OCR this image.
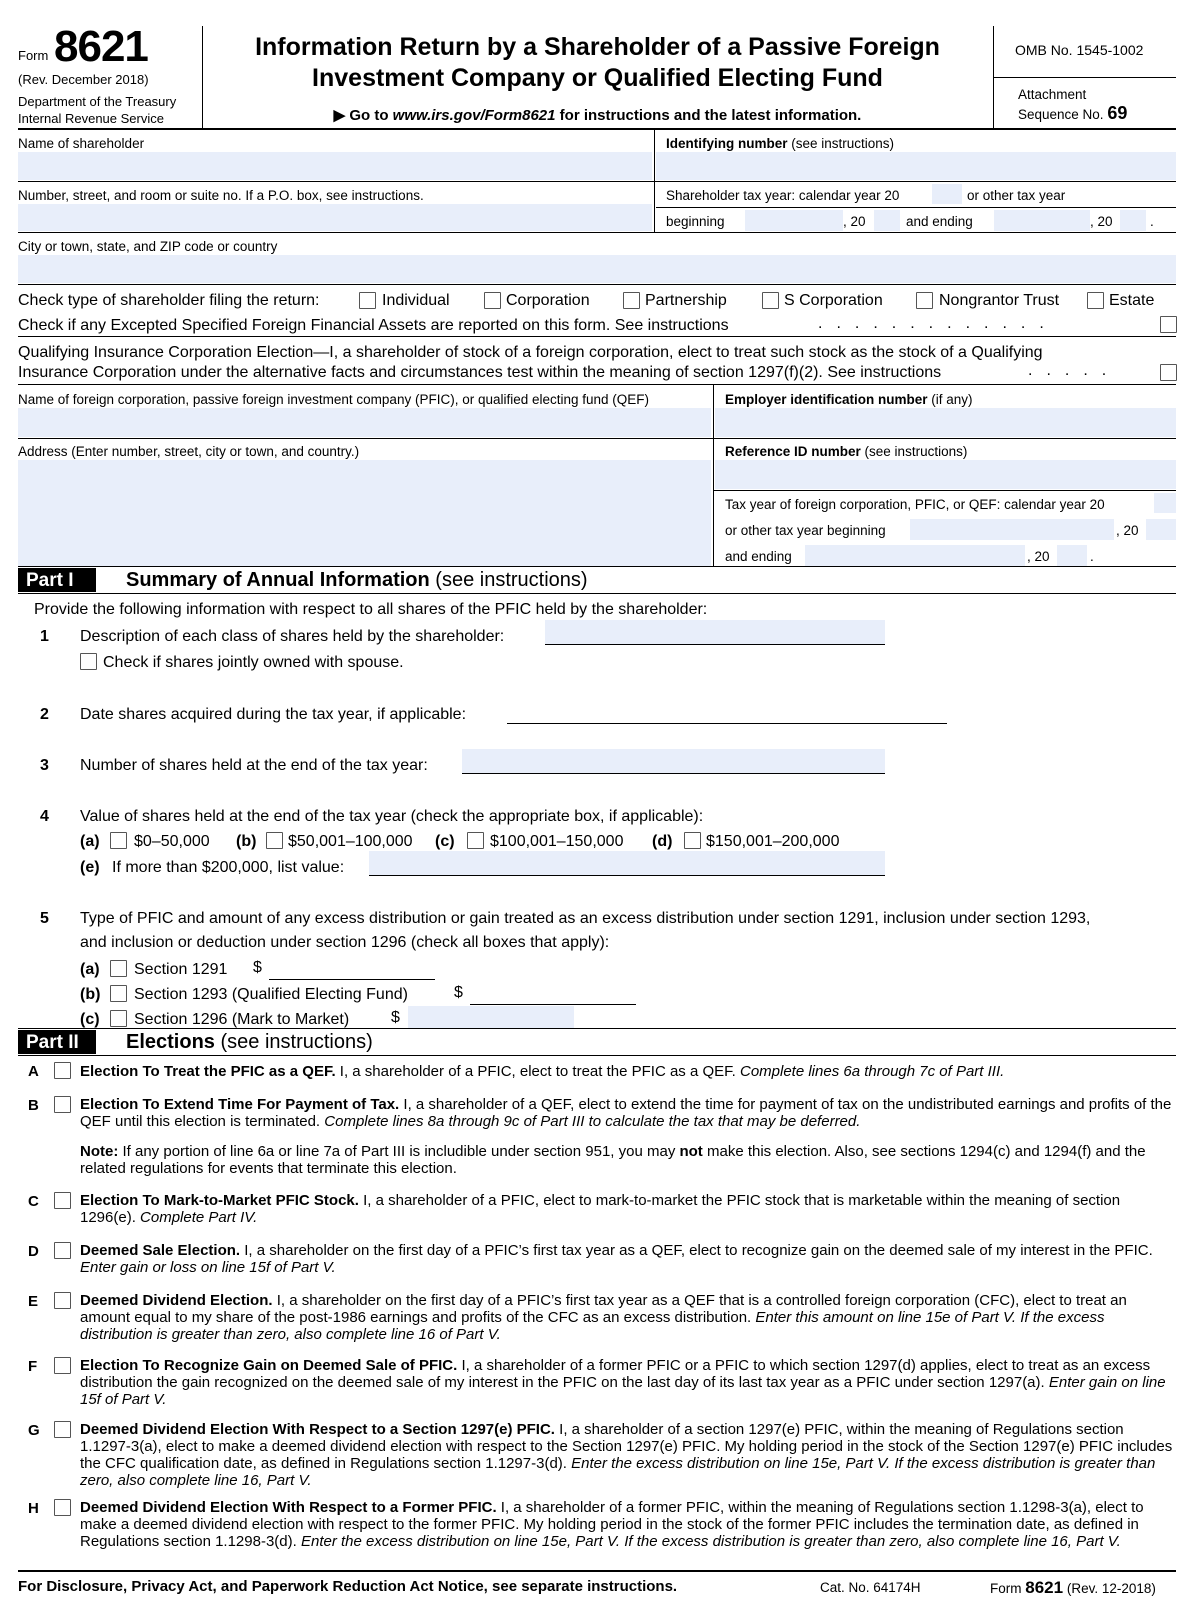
Form 8621
(Rev. December 2018)
Department of the Treasury
Internal Revenue Service
Information Return by a Shareholder of a Passive Foreign
Investment Company or Qualified Electing Fund
▶ Go to www.irs.gov/Form8621 for instructions and the latest information.
OMB No. 1545-1002
Attachment
Sequence No. 69
Name of shareholder	Identifying number (see instructions)
Number, street, and room or suite no. If a P.O. box, see instructions.	Shareholder tax year: calendar year 20	or other tax year
beginning	, 20	and ending	, 20	.
City or town, state, and ZIP code or country
Check type of shareholder filing the return:	Individual	Corporation	Partnership	S Corporation	Nongrantor Trust	Estate
Check if any Excepted Specified Foreign Financial Assets are reported on this form. See instructions	.............
Qualifying Insurance Corporation Election—I, a shareholder of stock of a foreign corporation, elect to treat such stock as the stock of a Qualifying
Insurance Corporation under the alternative facts and circumstances test within the meaning of section 1297(f)(2). See instructions	.....
Name of foreign corporation, passive foreign investment company (PFIC), or qualified electing fund (QEF)	Employer identification number (if any)
Address (Enter number, street, city or town, and country.)	Reference ID number (see instructions)
Tax year of foreign corporation, PFIC, or QEF: calendar year 20
or other tax year beginning	, 20
and ending	, 20	.
Part I	Summary of Annual Information (see instructions)
Provide the following information with respect to all shares of the PFIC held by the shareholder:
1 Description of each class of shares held by the shareholder:
Check if shares jointly owned with spouse.
2 Date shares acquired during the tax year, if applicable:
3 Number of shares held at the end of the tax year:
4 Value of shares held at the end of the tax year (check the appropriate box, if applicable):
(a) $0–50,000 (b) $50,001–100,000 (c) $100,001–150,000 (d) $150,001–200,000
(e) If more than $200,000, list value:
5 Type of PFIC and amount of any excess distribution or gain treated as an excess distribution under section 1291, inclusion under section 1293,
and inclusion or deduction under section 1296 (check all boxes that apply):
(a) Section 1291 $
(b) Section 1293 (Qualified Electing Fund)	$
(c) Section 1296 (Mark to Market)	$
Part II	Elections (see instructions)
A	Election To Treat the PFIC as a QEF. I, a shareholder of a PFIC, elect to treat the PFIC as a QEF. Complete lines 6a through 7c of Part III.
B	Election To Extend Time For Payment of Tax. I, a shareholder of a QEF, elect to extend the time for payment of tax on the undistributed earnings and profits of the QEF until this election is terminated. Complete lines 8a through 9c of Part III to calculate the tax that may be deferred.
Note: If any portion of line 6a or line 7a of Part III is includible under section 951, you may not make this election. Also, see sections 1294(c) and 1294(f) and the related regulations for events that terminate this election.
C	Election To Mark-to-Market PFIC Stock. I, a shareholder of a PFIC, elect to mark-to-market the PFIC stock that is marketable within the meaning of section 1296(e). Complete Part IV.
D	Deemed Sale Election. I, a shareholder on the first day of a PFIC’s first tax year as a QEF, elect to recognize gain on the deemed sale of my interest in the PFIC. Enter gain or loss on line 15f of Part V.
E	Deemed Dividend Election. I, a shareholder on the first day of a PFIC’s first tax year as a QEF that is a controlled foreign corporation (CFC), elect to treat an amount equal to my share of the post-1986 earnings and profits of the CFC as an excess distribution. Enter this amount on line 15e of Part V. If the excess distribution is greater than zero, also complete line 16 of Part V.
F	Election To Recognize Gain on Deemed Sale of PFIC. I, a shareholder of a former PFIC or a PFIC to which section 1297(d) applies, elect to treat as an excess distribution the gain recognized on the deemed sale of my interest in the PFIC on the last day of its last tax year as a PFIC under section 1297(a). Enter gain on line 15f of Part V.
G	Deemed Dividend Election With Respect to a Section 1297(e) PFIC. I, a shareholder of a section 1297(e) PFIC, within the meaning of Regulations section 1.1297-3(a), elect to make a deemed dividend election with respect to the Section 1297(e) PFIC. My holding period in the stock of the Section 1297(e) PFIC includes the CFC qualification date, as defined in Regulations section 1.1297-3(d). Enter the excess distribution on line 15e, Part V. If the excess distribution is greater than zero, also complete line 16, Part V.
H	Deemed Dividend Election With Respect to a Former PFIC. I, a shareholder of a former PFIC, within the meaning of Regulations section 1.1298-3(a), elect to make a deemed dividend election with respect to the former PFIC. My holding period in the stock of the former PFIC includes the termination date, as defined in Regulations section 1.1298-3(d). Enter the excess distribution on line 15e, Part V. If the excess distribution is greater than zero, also complete line 16, Part V.
For Disclosure, Privacy Act, and Paperwork Reduction Act Notice, see separate instructions.	Cat. No. 64174H	Form 8621 (Rev. 12-2018)
